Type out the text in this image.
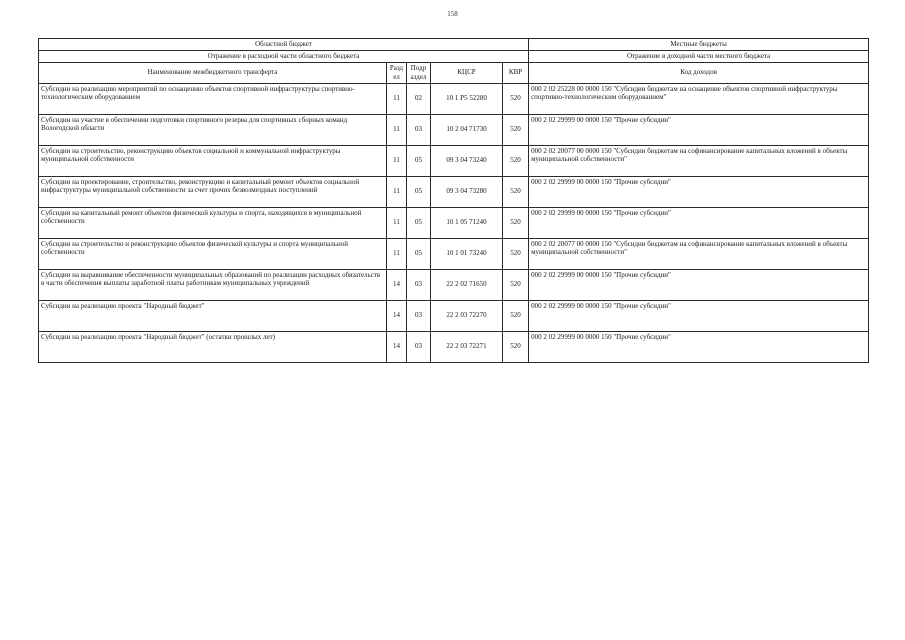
158
Областной бюджет					Местные бюджеты
Отражение в расходной части областного бюджета					Отражение в доходной части местного бюджета
Наименование межбюджетного трансферта	Разд ел	Подр аздел	КЦСР	КВР	Код доходов
Субсидии на реализацию мероприятий по оснащению объектов спортивной инфраструктуры спортивно-технологическим оборудованием	11	02	10 1 P5 52280	520	000 2 02 25228 00 0000 150 "Субсидии бюджетам на оснащение объектов спортивной инфраструктуры спортивно-технологическим оборудованием"
Субсидии на участие в обеспечении подготовки спортивного резерва для спортивных сборных команд Вологодской области	11	03	10 2 04 71730	520	000 2 02 29999 00 0000 150 "Прочие субсидии"
Субсидии на строительство, реконструкцию объектов социальной и коммунальной инфраструктуры муниципальной собственности	11	05	09 3 04 73240	520	000 2 02 20077 00 0000 150 "Субсидии бюджетам на софинансирование капитальных вложений в объекты муниципальной собственности"
Субсидии на проектирование, строительство, реконструкцию и капитальный ремонт объектов социальной инфраструктуры муниципальной собственности за счет прочих безвозмездных поступлений	11	05	09 3 04 73280	520	000 2 02 29999 00 0000 150 "Прочие субсидии"
Субсидии на капитальный ремонт объектов физической культуры и спорта, находящихся в муниципальной собственности	11	05	10 1 05 71240	520	000 2 02 29999 00 0000 150 "Прочие субсидии"
Субсидии на строительство и реконструкцию объектов физической культуры и спорта муниципальной собственности	11	05	10 1 01 73240	520	000 2 02 20077 00 0000 150 "Субсидии бюджетам на софинансирование капитальных вложений в объекты муниципальной собственности"
Субсидии на выравнивание обеспеченности муниципальных образований по реализации расходных обязательств в части обеспечения выплаты заработной платы работникам муниципальных учреждений	14	03	22 2 02 71650	520	000 2 02 29999 00 0000 150 "Прочие субсидии"
Субсидии на реализацию проекта "Народный бюджет"	14	03	22 2 03 72270	520	000 2 02 29999 00 0000 150 "Прочие субсидии"
Субсидии на реализацию проекта "Народный бюджет" (остатки прошлых лет)	14	03	22 2 03 72271	520	000 2 02 29999 00 0000 150 "Прочие субсидии"
